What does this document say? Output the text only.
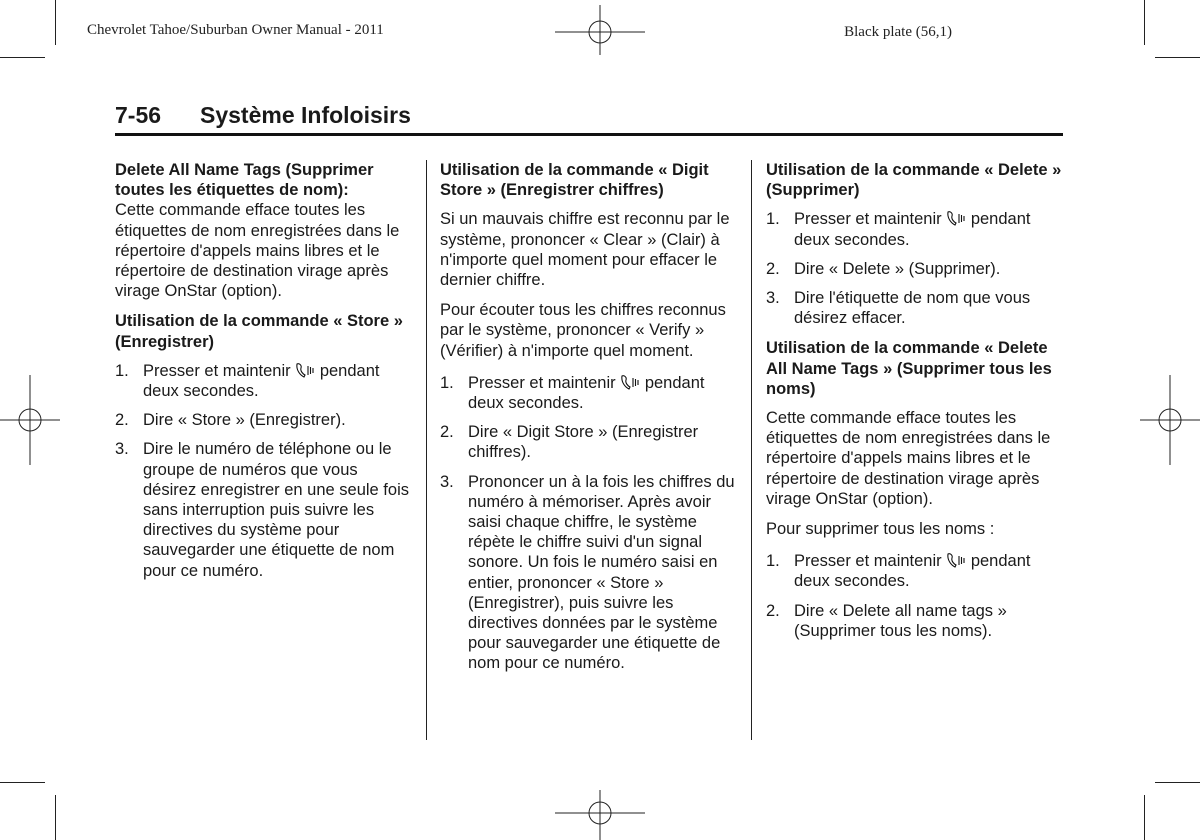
Chevrolet Tahoe/Suburban Owner Manual - 2011	Black plate (56,1)
7-56 Système Infoloisirs
Delete All Name Tags (Supprimer toutes les étiquettes de nom):

Cette commande efface toutes les étiquettes de nom enregistrées dans le répertoire d'appels mains libres et le répertoire de destination virage après virage OnStar (option).

Utilisation de la commande « Store » (Enregistrer)
1. Presser et maintenir pendant deux secondes.
2. Dire « Store » (Enregistrer).
3. Dire le numéro de téléphone ou le groupe de numéros que vous désirez enregistrer en une seule fois sans interruption puis suivre les directives du système pour sauvegarder une étiquette de nom pour ce numéro.
Utilisation de la commande « Digit Store » (Enregistrer chiffres)

Si un mauvais chiffre est reconnu par le système, prononcer « Clear » (Clair) à n'importe quel moment pour effacer le dernier chiffre.

Pour écouter tous les chiffres reconnus par le système, prononcer « Verify » (Vérifier) à n'importe quel moment.

1. Presser et maintenir pendant deux secondes.
2. Dire « Digit Store » (Enregistrer chiffres).
3. Prononcer un à la fois les chiffres du numéro à mémoriser. Après avoir saisi chaque chiffre, le système répète le chiffre suivi d'un signal sonore. Un fois le numéro saisi en entier, prononcer « Store » (Enregistrer), puis suivre les directives données par le système pour sauvegarder une étiquette de nom pour ce numéro.
Utilisation de la commande « Delete » (Supprimer)
1. Presser et maintenir pendant deux secondes.
2. Dire « Delete » (Supprimer).
3. Dire l'étiquette de nom que vous désirez effacer.
Utilisation de la commande « Delete All Name Tags » (Supprimer tous les noms)

Cette commande efface toutes les étiquettes de nom enregistrées dans le répertoire d'appels mains libres et le répertoire de destination virage après virage OnStar (option).

Pour supprimer tous les noms :

1. Presser et maintenir pendant deux secondes.
2. Dire « Delete all name tags » (Supprimer tous les noms).
